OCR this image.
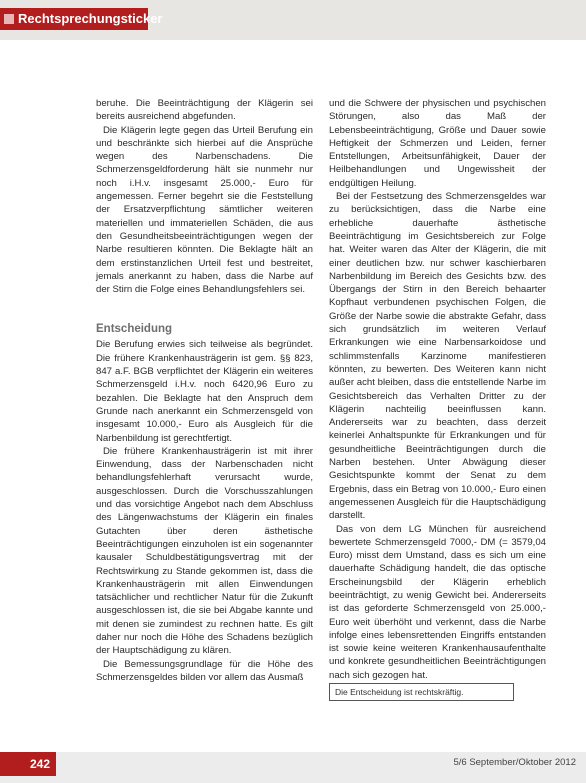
Rechtsprechungsticker

beruhe. Die Beeinträchtigung der Klägerin sei bereits ausreichend abgefunden.

Die Klägerin legte gegen das Urteil Berufung ein und beschränkte sich hierbei auf die Ansprüche wegen des Narbenschadens. Die Schmerzensgeldforderung hält sie nunmehr nur noch i.H.v. insgesamt 25.000,- Euro für angemessen. Ferner begehrt sie die Feststellung der Ersatzverpflichtung sämtlicher weiteren materiellen und immateriellen Schäden, die aus den Gesundheitsbeeinträchtigungen wegen der Narbe resultieren könnten. Die Beklagte hält an dem erstinstanzlichen Urteil fest und bestreitet, jemals anerkannt zu haben, dass die Narbe auf der Stirn die Folge eines Behandlungsfehlers sei.

Entscheidung

Die Berufung erwies sich teilweise als begründet. Die frühere Krankenhausträgerin ist gem. §§ 823, 847 a.F. BGB verpflichtet der Klägerin ein weiteres Schmerzensgeld i.H.v. noch 6420,96 Euro zu bezahlen. Die Beklagte hat den Anspruch dem Grunde nach anerkannt ein Schmerzensgeld von insgesamt 10.000,- Euro als Ausgleich für die Narbenbildung ist gerechtfertigt.

Die frühere Krankenhausträgerin ist mit ihrer Einwendung, dass der Narbenschaden nicht behandlungsfehlerhaft verursacht wurde, ausgeschlossen. Durch die Vorschusszahlungen und das vorsichtige Angebot nach dem Abschluss des Längenwachstums der Klägerin ein finales Gutachten über deren ästhetische Beeinträchtigungen einzuholen ist ein sogenannter kausaler Schuldbestätigungsvertrag mit der Rechtswirkung zu Stande gekommen ist, dass die Krankenhausträgerin mit allen Einwendungen tatsächlicher und rechtlicher Natur für die Zukunft ausgeschlossen ist, die sie bei Abgabe kannte und mit denen sie zumindest zu rechnen hatte. Es gilt daher nur noch die Höhe des Schadens bezüglich der Hauptschädigung zu klären.

Die Bemessungsgrundlage für die Höhe des Schmerzensgeldes bilden vor allem das Ausmaß

und die Schwere der physischen und psychischen Störungen, also das Maß der Lebensbeeinträchtigung, Größe und Dauer sowie Heftigkeit der Schmerzen und Leiden, ferner Entstellungen, Arbeitsunfähigkeit, Dauer der Heilbehandlungen und Ungewissheit der endgültigen Heilung.

Bei der Festsetzung des Schmerzensgeldes war zu berücksichtigen, dass die Narbe eine erhebliche dauerhafte ästhetische Beeinträchtigung im Gesichtsbereich zur Folge hat. Weiter waren das Alter der Klägerin, die mit einer deutlichen bzw. nur schwer kaschierbaren Narbenbildung im Bereich des Gesichts bzw. des Übergangs der Stirn in den Bereich behaarter Kopfhaut verbundenen psychischen Folgen, die Größe der Narbe sowie die abstrakte Gefahr, dass sich grundsätzlich im weiteren Verlauf Erkrankungen wie eine Narbensarkoidose und schlimmstenfalls Karzinome manifestieren könnten, zu bewerten. Des Weiteren kann nicht außer acht bleiben, dass die entstellende Narbe im Gesichtsbereich das Verhalten Dritter zu der Klägerin nachteilig beeinflussen kann. Andererseits war zu beachten, dass derzeit keinerlei Anhaltspunkte für Erkrankungen und für gesundheitliche Beeinträchtigungen durch die Narben bestehen. Unter Abwägung dieser Gesichtspunkte kommt der Senat zu dem Ergebnis, dass ein Betrag von 10.000,- Euro einen angemessenen Ausgleich für die Hauptschädigung darstellt.

Das von dem LG München für ausreichend bewertete Schmerzensgeld 7000,- DM (= 3579,04 Euro) misst dem Umstand, dass es sich um eine dauerhafte Schädigung handelt, die das optische Erscheinungsbild der Klägerin erheblich beeinträchtigt, zu wenig Gewicht bei. Andererseits ist das geforderte Schmerzensgeld von 25.000,- Euro weit überhöht und verkennt, dass die Narbe infolge eines lebensrettenden Eingriffs entstanden ist sowie keine weiteren Krankenhausaufenthalte und konkrete gesundheitlichen Beeinträchtigungen nach sich gezogen hat.

Die Entscheidung ist rechtskräftig.
242	5/6 September/Oktober 2012
